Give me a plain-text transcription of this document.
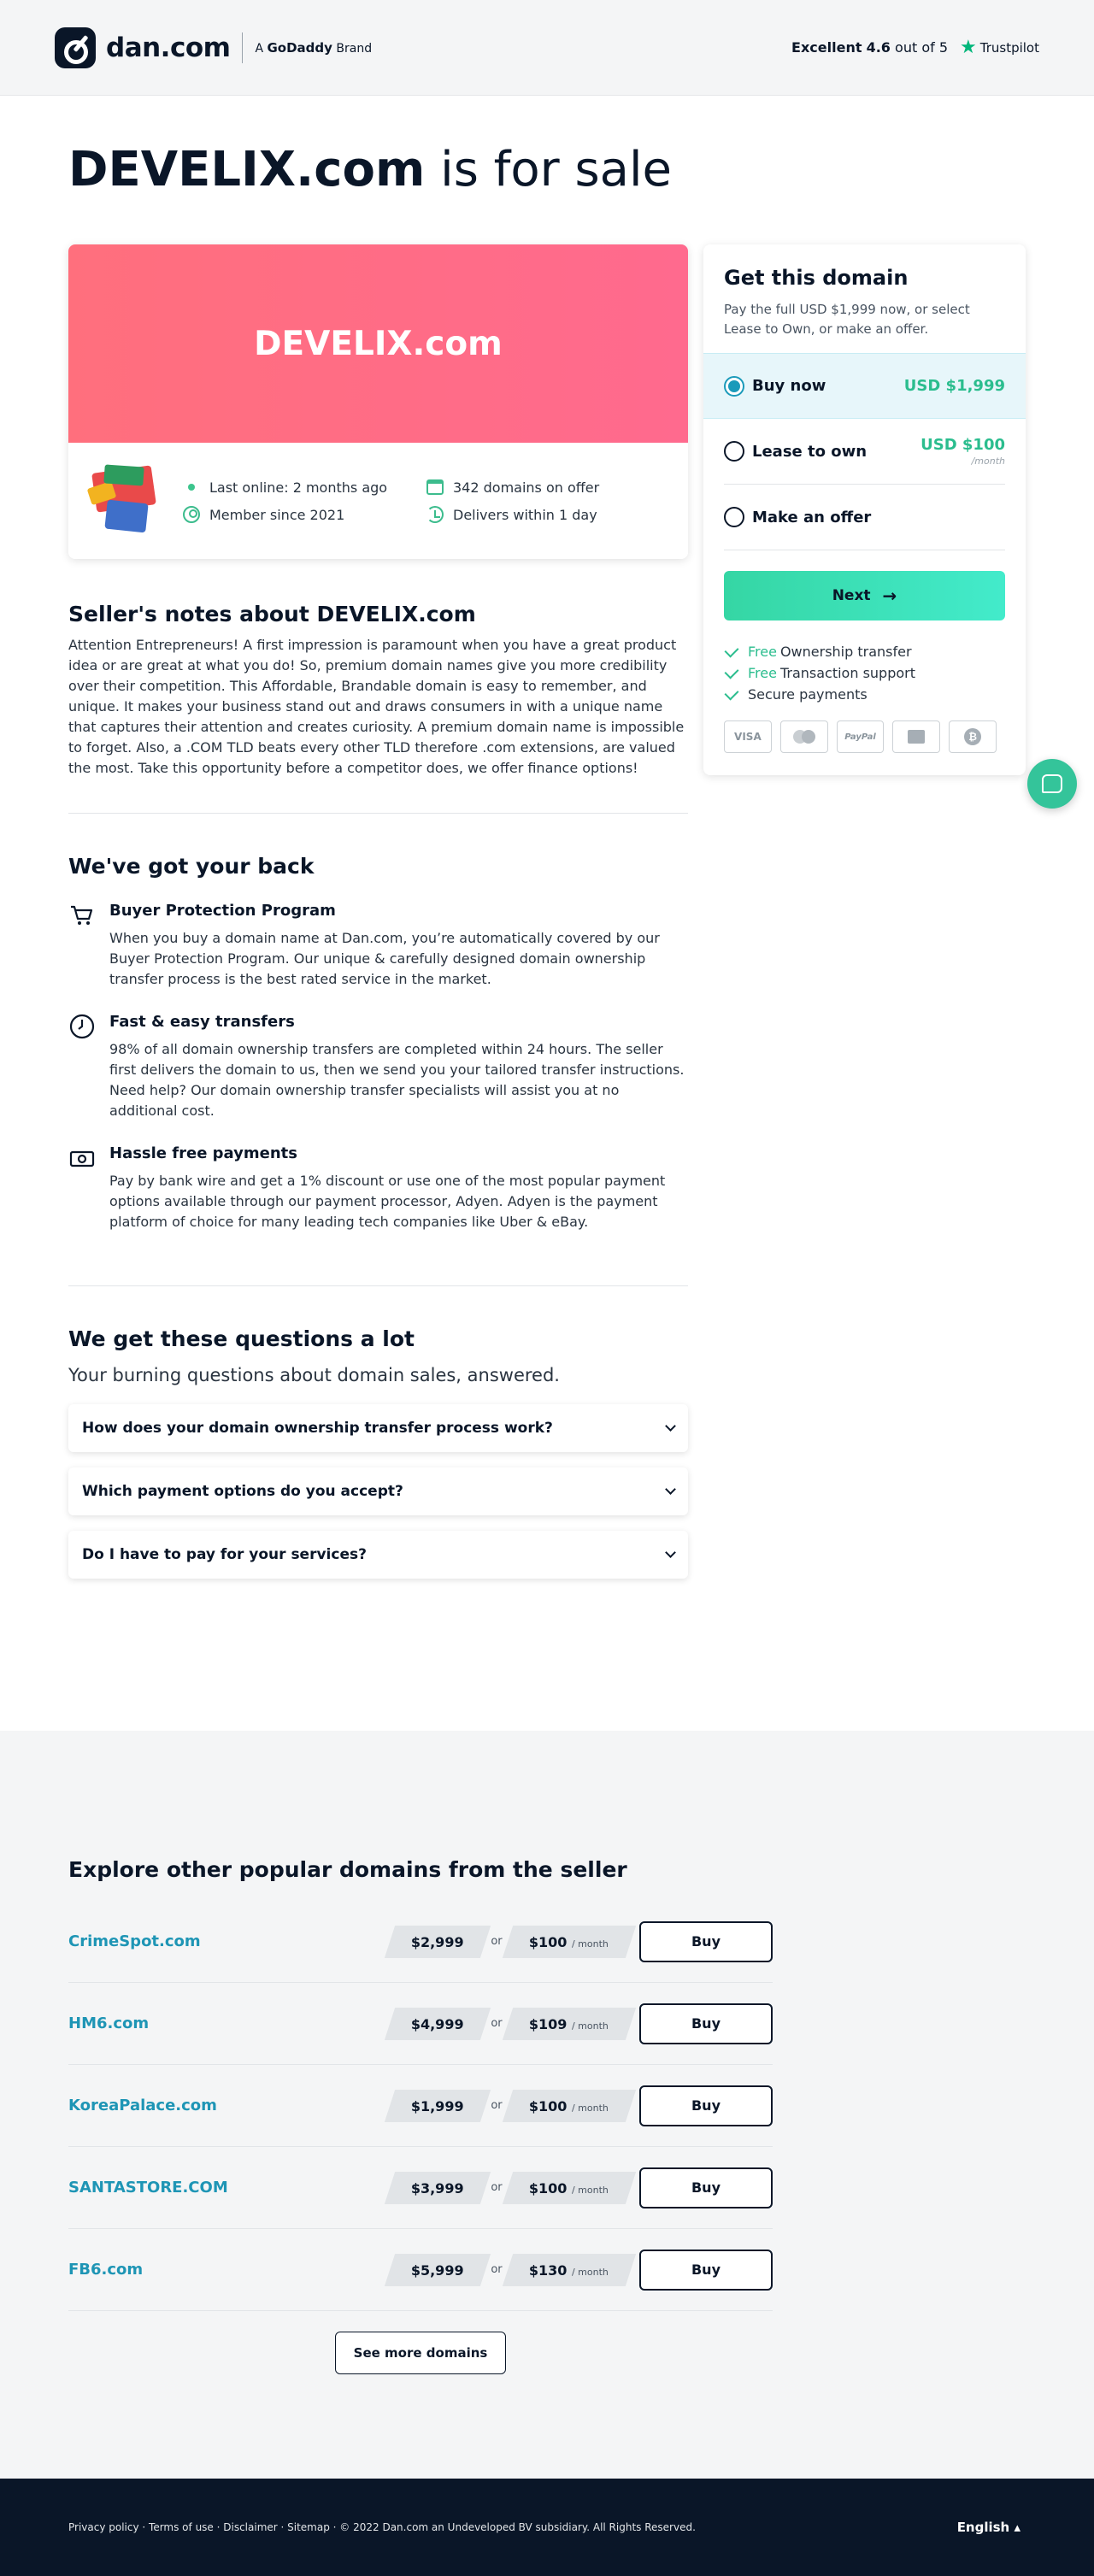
dan.com A GoDaddy Brand	Excellent
4.6
out of 5 ★ Trustpilot
DEVELIX.com is for sale
DEVELIX.com
Last online: 2 months ago
Member since 2021
342 domains on offer
Delivers within 1 day
Seller's notes about DEVELIX.com

Attention Entrepreneurs! A first impression is paramount when you have a great product idea or are great at what you do! So, premium domain names give you more credibility over their competition. This Affordable, Brandable domain is easy to remember, and unique. It makes your business stand out and draws consumers in with a unique name that captures their attention and creates curiosity. A premium domain name is impossible to forget. Also, a .COM TLD beats every other TLD therefore .com extensions, are valued the most. Take this opportunity before a competitor does, we offer finance options!

We've got your back
Buyer Protection Program
When you buy a domain name at Dan.com, you’re automatically covered by our Buyer Protection Program. Our unique & carefully designed domain ownership transfer process is the best rated service in the market.
Fast & easy transfers
98% of all domain ownership transfers are completed within 24 hours. The seller first delivers the domain to us, then we send you your tailored transfer instructions. Need help? Our domain ownership transfer specialists will assist you at no additional cost.
Hassle free payments
Pay by bank wire and get a 1% discount or use one of the most popular payment options available through our payment processor, Adyen. Adyen is the payment platform of choice for many leading tech companies like Uber & eBay.
We get these questions a lot

Your burning questions about domain sales, answered.

How does your domain ownership transfer process work?
Which payment options do you accept?
Do I have to pay for your services?
Get this domain
Pay the full USD $1,999 now, or select Lease to Own, or make an offer.
Buy now	USD $1,999
Lease to own	USD $100
/month
Make an offer
Next →
Free Ownership transfer
Free Transaction support
Secure payments
VISA	PayPal	₿
Explore other popular domains from the seller
CrimeSpot.com	$2,999	or	$100 / month	Buy
HM6.com	$4,999	or	$109 / month	Buy
KoreaPalace.com	$1,999	or	$100 / month	Buy
SANTASTORE.COM	$3,999	or	$100 / month	Buy
FB6.com	$5,999	or	$130 / month	Buy
See more domains
Privacy policy · Terms of use · Disclaimer · Sitemap · © 2022 Dan.com an Undeveloped BV subsidiary. All Rights Reserved.	English ▴
